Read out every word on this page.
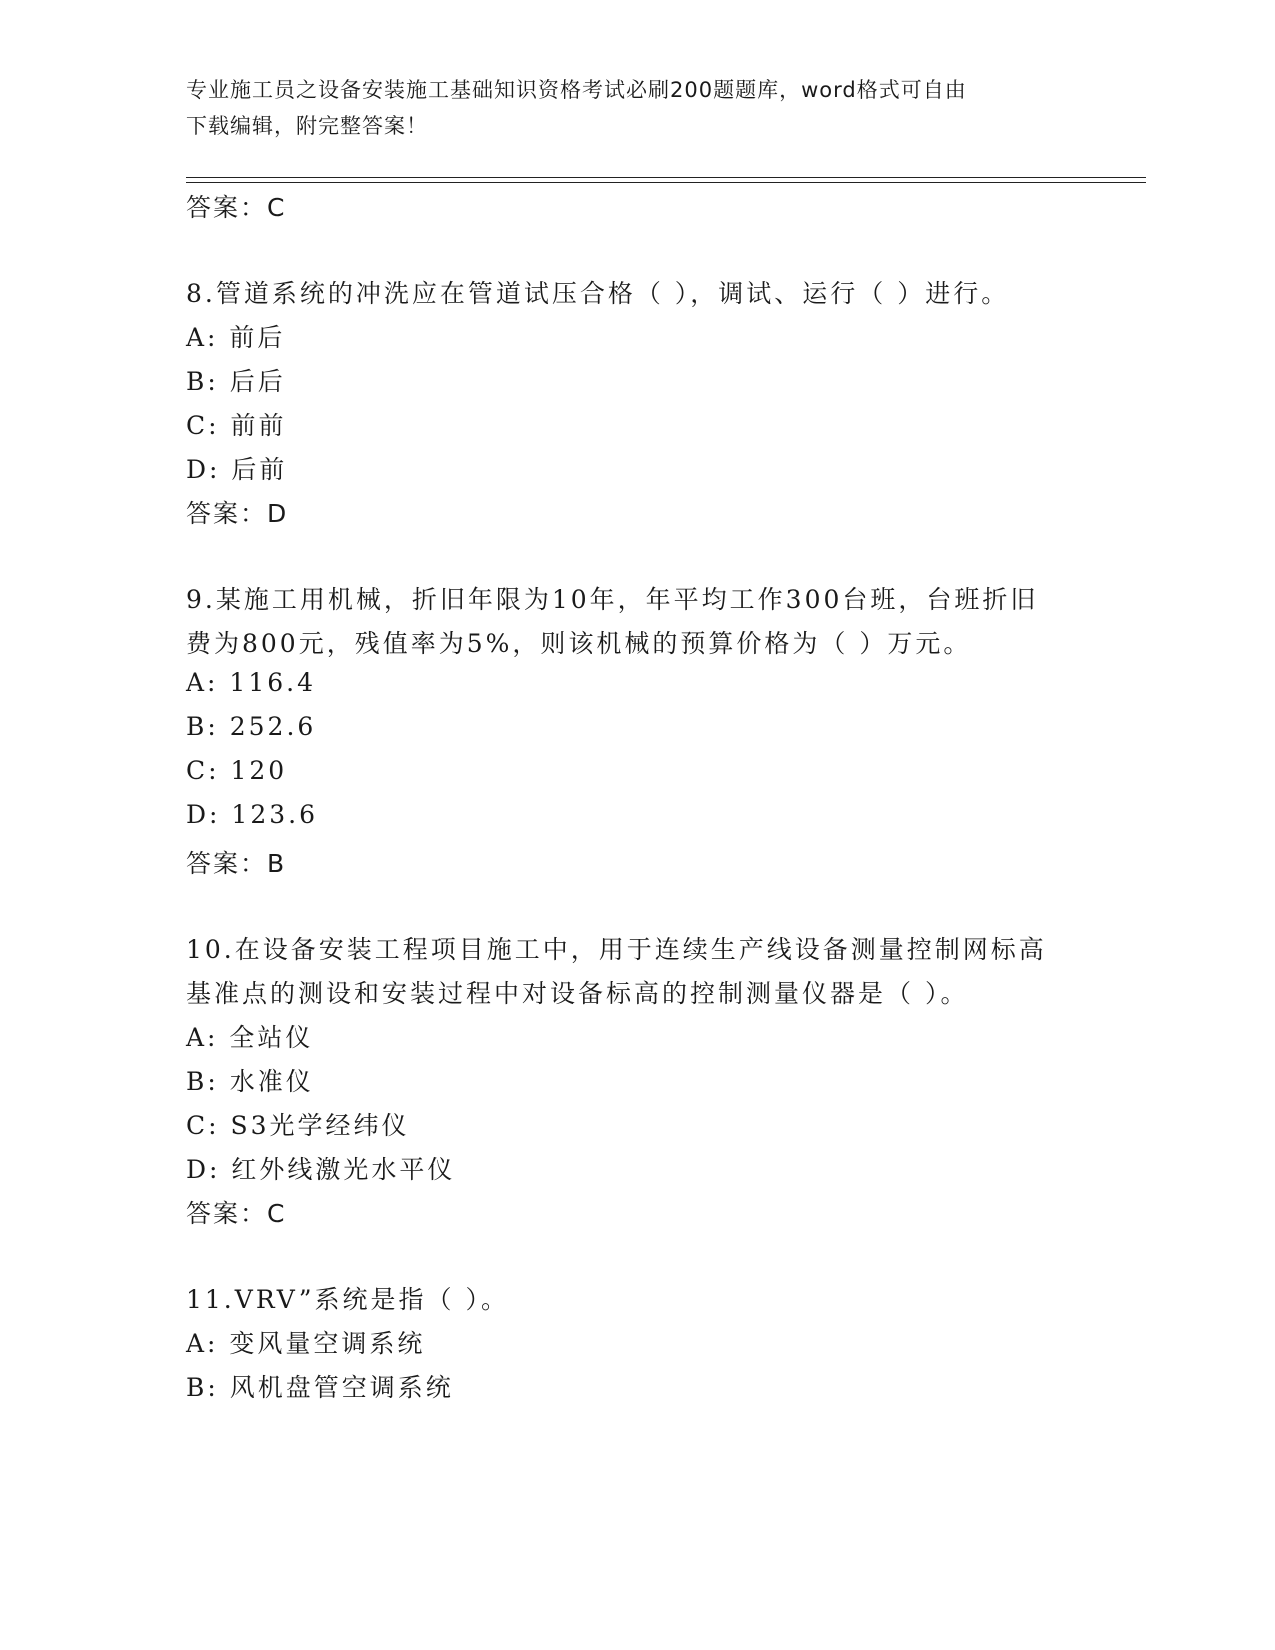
专业施工员之设备安装施工基础知识资格考试必刷200题题库，word格式可自由
下载编辑，附完整答案！
答案：C
8.管道系统的冲洗应在管道试压合格（ ），调试、运行（ ）进行。
A: 前后
B: 后后
C: 前前
D: 后前
答案：D
9.某施工用机械，折旧年限为10年，年平均工作300台班，台班折旧
费为800元，残值率为5%，则该机械的预算价格为（ ）万元。
A: 116.4
B: 252.6
C: 120
D: 123.6
答案：B
10.在设备安装工程项目施工中，用于连续生产线设备测量控制网标高
基准点的测设和安装过程中对设备标高的控制测量仪器是（ ）。
A: 全站仪
B: 水准仪
C: S3光学经纬仪
D: 红外线激光水平仪
答案：C
11.VRV”系统是指（ ）。
A: 变风量空调系统
B: 风机盘管空调系统
